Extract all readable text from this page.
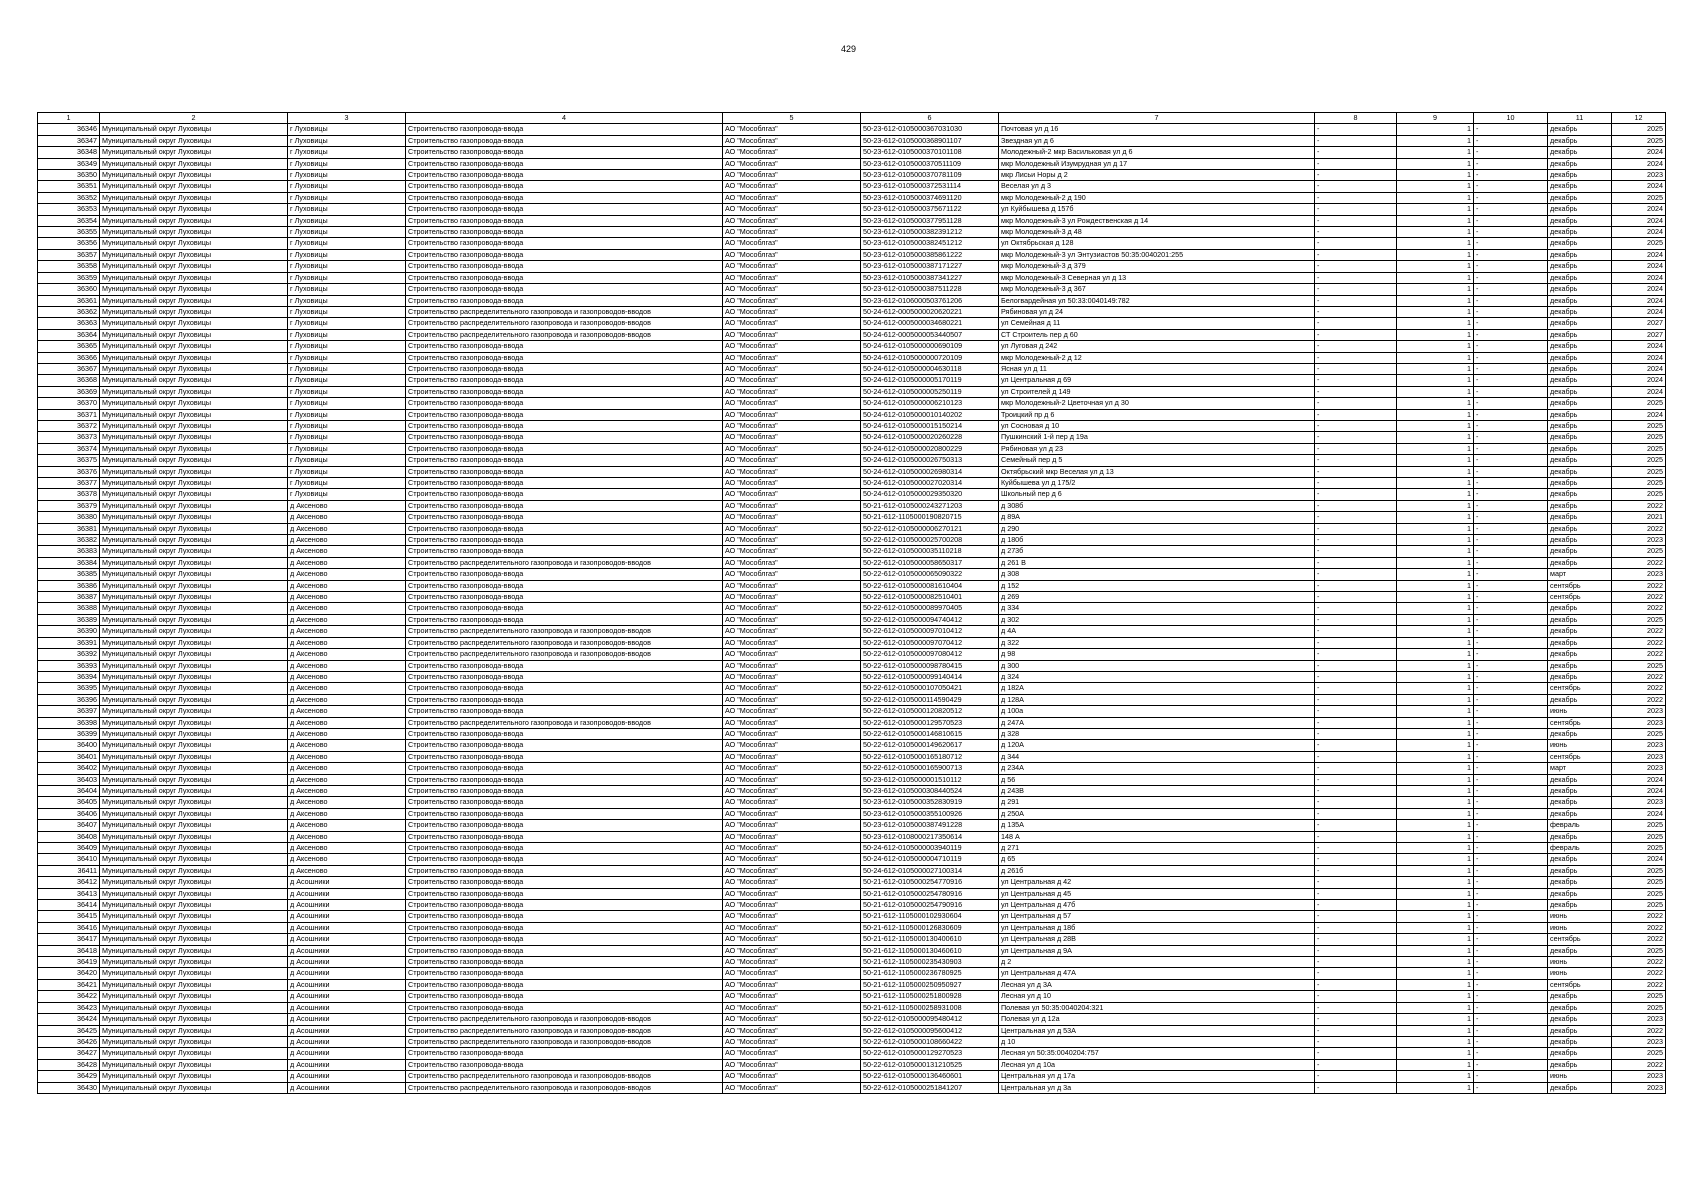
429
1	2	3	4	5	6	7	8	9	10	11	12
36346	Муниципальный округ Луховицы	г Луховицы	Строительство газопровода-ввода	АО "Мособлгаз"	50-23-612-0105000367031030	Почтовая ул д 16	-	1	-	декабрь	2025
36347	Муниципальный округ Луховицы	г Луховицы	Строительство газопровода-ввода	АО "Мособлгаз"	50-23-612-0105000368901107	Звездная ул д 6	-	1	-	декабрь	2025
36348	Муниципальный округ Луховицы	г Луховицы	Строительство газопровода-ввода	АО "Мособлгаз"	50-23-612-0105000370101108	Молодежный-2 мкр Васильковая ул д 6	-	1	-	декабрь	2024
36349	Муниципальный округ Луховицы	г Луховицы	Строительство газопровода-ввода	АО "Мособлгаз"	50-23-612-0105000370511109	мкр Молодежный Изумрудная ул д 17	-	1	-	декабрь	2024
36350	Муниципальный округ Луховицы	г Луховицы	Строительство газопровода-ввода	АО "Мособлгаз"	50-23-612-0105000370781109	мкр Лисьи Норы д 2	-	1	-	декабрь	2023
36351	Муниципальный округ Луховицы	г Луховицы	Строительство газопровода-ввода	АО "Мособлгаз"	50-23-612-0105000372531114	Веселая ул д 3	-	1	-	декабрь	2024
36352	Муниципальный округ Луховицы	г Луховицы	Строительство газопровода-ввода	АО "Мособлгаз"	50-23-612-0105000374691120	мкр Молодежный-2 д 190	-	1	-	декабрь	2025
36353	Муниципальный округ Луховицы	г Луховицы	Строительство газопровода-ввода	АО "Мособлгаз"	50-23-612-0105000375671122	ул Куйбышева д 157б	-	1	-	декабрь	2024
36354	Муниципальный округ Луховицы	г Луховицы	Строительство газопровода-ввода	АО "Мособлгаз"	50-23-612-0105000377951128	мкр Молодежный-3 ул Рождественская д 14	-	1	-	декабрь	2024
36355	Муниципальный округ Луховицы	г Луховицы	Строительство газопровода-ввода	АО "Мособлгаз"	50-23-612-0105000382391212	мкр Молодежный-3 д 48	-	1	-	декабрь	2024
36356	Муниципальный округ Луховицы	г Луховицы	Строительство газопровода-ввода	АО "Мособлгаз"	50-23-612-0105000382451212	ул Октябрьская д 128	-	1	-	декабрь	2025
36357	Муниципальный округ Луховицы	г Луховицы	Строительство газопровода-ввода	АО "Мособлгаз"	50-23-612-0105000385861222	мкр Молодежный-3 ул Энтузиастов 50:35:0040201:255	-	1	-	декабрь	2024
36358	Муниципальный округ Луховицы	г Луховицы	Строительство газопровода-ввода	АО "Мособлгаз"	50-23-612-0105000387171227	мкр Молодежный-3 д 379	-	1	-	декабрь	2024
36359	Муниципальный округ Луховицы	г Луховицы	Строительство газопровода-ввода	АО "Мособлгаз"	50-23-612-0105000387341227	мкр Молодежный-3 Северная ул д 13	-	1	-	декабрь	2024
36360	Муниципальный округ Луховицы	г Луховицы	Строительство газопровода-ввода	АО "Мособлгаз"	50-23-612-0105000387511228	мкр Молодежный-3 д 367	-	1	-	декабрь	2024
36361	Муниципальный округ Луховицы	г Луховицы	Строительство газопровода-ввода	АО "Мособлгаз"	50-23-612-0106000503761206	Белогвардейная ул 50:33:0040149:782	-	1	-	декабрь	2024
36362	Муниципальный округ Луховицы	г Луховицы	Строительство распределительного газопровода и газопроводов-вводов	АО "Мособлгаз"	50-24-612-0005000020620221	Рябиновая ул д 24	-	1	-	декабрь	2024
36363	Муниципальный округ Луховицы	г Луховицы	Строительство распределительного газопровода и газопроводов-вводов	АО "Мособлгаз"	50-24-612-0005000034680221	ул Семейная д 11	-	1	-	декабрь	2027
36364	Муниципальный округ Луховицы	г Луховицы	Строительство распределительного газопровода и газопроводов-вводов	АО "Мособлгаз"	50-24-612-0005000053440507	СТ Строитель пер д 60	-	1	-	декабрь	2027
36365	Муниципальный округ Луховицы	г Луховицы	Строительство газопровода-ввода	АО "Мособлгаз"	50-24-612-0105000000690109	ул Луговая д 242	-	1	-	декабрь	2024
36366	Муниципальный округ Луховицы	г Луховицы	Строительство газопровода-ввода	АО "Мособлгаз"	50-24-612-0105000000720109	мкр Молодежный-2 д 12	-	1	-	декабрь	2024
36367	Муниципальный округ Луховицы	г Луховицы	Строительство газопровода-ввода	АО "Мособлгаз"	50-24-612-0105000004630118	Ясная ул д 11	-	1	-	декабрь	2024
36368	Муниципальный округ Луховицы	г Луховицы	Строительство газопровода-ввода	АО "Мособлгаз"	50-24-612-0105000005170119	ул Центральная д 69	-	1	-	декабрь	2024
36369	Муниципальный округ Луховицы	г Луховицы	Строительство газопровода-ввода	АО "Мособлгаз"	50-24-612-0105000005250119	ул Строителей д 149	-	1	-	декабрь	2024
36370	Муниципальный округ Луховицы	г Луховицы	Строительство газопровода-ввода	АО "Мособлгаз"	50-24-612-0105000006210123	мкр Молодежный-2 Цветочная ул д 30	-	1	-	декабрь	2025
36371	Муниципальный округ Луховицы	г Луховицы	Строительство газопровода-ввода	АО "Мособлгаз"	50-24-612-0105000010140202	Троицкий пр д 6	-	1	-	декабрь	2024
36372	Муниципальный округ Луховицы	г Луховицы	Строительство газопровода-ввода	АО "Мособлгаз"	50-24-612-0105000015150214	ул Сосновая д 10	-	1	-	декабрь	2025
36373	Муниципальный округ Луховицы	г Луховицы	Строительство газопровода-ввода	АО "Мособлгаз"	50-24-612-0105000020260228	Пушкинский 1-й пер д 19а	-	1	-	декабрь	2025
36374	Муниципальный округ Луховицы	г Луховицы	Строительство газопровода-ввода	АО "Мособлгаз"	50-24-612-0105000020800229	Рябиновая ул д 23	-	1	-	декабрь	2025
36375	Муниципальный округ Луховицы	г Луховицы	Строительство газопровода-ввода	АО "Мособлгаз"	50-24-612-0105000026750313	Семейный пер д 5	-	1	-	декабрь	2025
36376	Муниципальный округ Луховицы	г Луховицы	Строительство газопровода-ввода	АО "Мособлгаз"	50-24-612-0105000026980314	Октябрьский мкр Веселая ул д 13	-	1	-	декабрь	2025
36377	Муниципальный округ Луховицы	г Луховицы	Строительство газопровода-ввода	АО "Мособлгаз"	50-24-612-0105000027020314	Куйбышева ул д 175/2	-	1	-	декабрь	2025
36378	Муниципальный округ Луховицы	г Луховицы	Строительство газопровода-ввода	АО "Мособлгаз"	50-24-612-0105000029350320	Школьный пер д 6	-	1	-	декабрь	2025
36379	Муниципальный округ Луховицы	д Аксеново	Строительство газопровода-ввода	АО "Мособлгаз"	50-21-612-0105000243271203	д 308б	-	1	-	декабрь	2022
36380	Муниципальный округ Луховицы	д Аксеново	Строительство газопровода-ввода	АО "Мособлгаз"	50-21-612-1105000190820715	д 89А	-	1	-	декабрь	2021
36381	Муниципальный округ Луховицы	д Аксеново	Строительство газопровода-ввода	АО "Мособлгаз"	50-22-612-0105000006270121	д 290	-	1	-	декабрь	2022
36382	Муниципальный округ Луховицы	д Аксеново	Строительство газопровода-ввода	АО "Мособлгаз"	50-22-612-0105000025700208	д 180б	-	1	-	декабрь	2023
36383	Муниципальный округ Луховицы	д Аксеново	Строительство газопровода-ввода	АО "Мособлгаз"	50-22-612-0105000035110218	д 273б	-	1	-	декабрь	2025
36384	Муниципальный округ Луховицы	д Аксеново	Строительство распределительного газопровода и газопроводов-вводов	АО "Мособлгаз"	50-22-612-0105000058650317	д 261 В	-	1	-	декабрь	2022
36385	Муниципальный округ Луховицы	д Аксеново	Строительство газопровода-ввода	АО "Мособлгаз"	50-22-612-0105000065090322	д 308	-	1	-	март	2023
36386	Муниципальный округ Луховицы	д Аксеново	Строительство газопровода-ввода	АО "Мособлгаз"	50-22-612-0105000081610404	д 152	-	1	-	сентябрь	2022
36387	Муниципальный округ Луховицы	д Аксеново	Строительство газопровода-ввода	АО "Мособлгаз"	50-22-612-0105000082510401	д 269	-	1	-	сентябрь	2022
36388	Муниципальный округ Луховицы	д Аксеново	Строительство газопровода-ввода	АО "Мособлгаз"	50-22-612-0105000089970405	д 334	-	1	-	декабрь	2022
36389	Муниципальный округ Луховицы	д Аксеново	Строительство газопровода-ввода	АО "Мособлгаз"	50-22-612-0105000094740412	д 302	-	1	-	декабрь	2025
36390	Муниципальный округ Луховицы	д Аксеново	Строительство распределительного газопровода и газопроводов-вводов	АО "Мособлгаз"	50-22-612-0105000097010412	д 4А	-	1	-	декабрь	2022
36391	Муниципальный округ Луховицы	д Аксеново	Строительство распределительного газопровода и газопроводов-вводов	АО "Мособлгаз"	50-22-612-0105000097070412	д 322	-	1	-	декабрь	2022
36392	Муниципальный округ Луховицы	д Аксеново	Строительство распределительного газопровода и газопроводов-вводов	АО "Мособлгаз"	50-22-612-0105000097080412	д 98	-	1	-	декабрь	2022
36393	Муниципальный округ Луховицы	д Аксеново	Строительство газопровода-ввода	АО "Мособлгаз"	50-22-612-0105000098780415	д 300	-	1	-	декабрь	2025
36394	Муниципальный округ Луховицы	д Аксеново	Строительство газопровода-ввода	АО "Мособлгаз"	50-22-612-0105000099140414	д 324	-	1	-	декабрь	2022
36395	Муниципальный округ Луховицы	д Аксеново	Строительство газопровода-ввода	АО "Мособлгаз"	50-22-612-0105000107050421	д 182А	-	1	-	сентябрь	2022
36396	Муниципальный округ Луховицы	д Аксеново	Строительство газопровода-ввода	АО "Мособлгаз"	50-22-612-0105000114590429	д 128А	-	1	-	декабрь	2022
36397	Муниципальный округ Луховицы	д Аксеново	Строительство газопровода-ввода	АО "Мособлгаз"	50-22-612-0105000120820512	д 100а	-	1	-	июнь	2023
36398	Муниципальный округ Луховицы	д Аксеново	Строительство распределительного газопровода и газопроводов-вводов	АО "Мособлгаз"	50-22-612-0105000129570523	д 247А	-	1	-	сентябрь	2023
36399	Муниципальный округ Луховицы	д Аксеново	Строительство газопровода-ввода	АО "Мособлгаз"	50-22-612-0105000146810615	д 328	-	1	-	декабрь	2025
36400	Муниципальный округ Луховицы	д Аксеново	Строительство газопровода-ввода	АО "Мособлгаз"	50-22-612-0105000149620617	д 120А	-	1	-	июнь	2023
36401	Муниципальный округ Луховицы	д Аксеново	Строительство газопровода-ввода	АО "Мособлгаз"	50-22-612-0105000165180712	д 344	-	1	-	сентябрь	2023
36402	Муниципальный округ Луховицы	д Аксеново	Строительство газопровода-ввода	АО "Мособлгаз"	50-22-612-0105000165900713	д 234А	-	1	-	март	2023
36403	Муниципальный округ Луховицы	д Аксеново	Строительство газопровода-ввода	АО "Мособлгаз"	50-23-612-0105000001510112	д 56	-	1	-	декабрь	2024
36404	Муниципальный округ Луховицы	д Аксеново	Строительство газопровода-ввода	АО "Мособлгаз"	50-23-612-0105000308440524	д 243В	-	1	-	декабрь	2024
36405	Муниципальный округ Луховицы	д Аксеново	Строительство газопровода-ввода	АО "Мособлгаз"	50-23-612-0105000352830919	д 291	-	1	-	декабрь	2023
36406	Муниципальный округ Луховицы	д Аксеново	Строительство газопровода-ввода	АО "Мособлгаз"	50-23-612-0105000355100926	д 250А	-	1	-	декабрь	2024
36407	Муниципальный округ Луховицы	д Аксеново	Строительство газопровода-ввода	АО "Мособлгаз"	50-23-612-0105000387491228	д 135А	-	1	-	февраль	2025
36408	Муниципальный округ Луховицы	д Аксеново	Строительство газопровода-ввода	АО "Мособлгаз"	50-23-612-0108000217350614	148 А	-	1	-	декабрь	2025
36409	Муниципальный округ Луховицы	д Аксеново	Строительство газопровода-ввода	АО "Мособлгаз"	50-24-612-0105000003940119	д 271	-	1	-	февраль	2025
36410	Муниципальный округ Луховицы	д Аксеново	Строительство газопровода-ввода	АО "Мособлгаз"	50-24-612-0105000004710119	д 65	-	1	-	декабрь	2024
36411	Муниципальный округ Луховицы	д Аксеново	Строительство газопровода-ввода	АО "Мособлгаз"	50-24-612-0105000027100314	д 261б	-	1	-	декабрь	2025
36412	Муниципальный округ Луховицы	д Асошники	Строительство газопровода-ввода	АО "Мособлгаз"	50-21-612-0105000254770916	ул Центральная д 42	-	1	-	декабрь	2025
36413	Муниципальный округ Луховицы	д Асошники	Строительство газопровода-ввода	АО "Мособлгаз"	50-21-612-0105000254780916	ул Центральная д 45	-	1	-	декабрь	2025
36414	Муниципальный округ Луховицы	д Асошники	Строительство газопровода-ввода	АО "Мособлгаз"	50-21-612-0105000254790916	ул Центральная д 47б	-	1	-	декабрь	2025
36415	Муниципальный округ Луховицы	д Асошники	Строительство газопровода-ввода	АО "Мособлгаз"	50-21-612-1105000102930604	ул Центральная д 57	-	1	-	июнь	2022
36416	Муниципальный округ Луховицы	д Асошники	Строительство газопровода-ввода	АО "Мособлгаз"	50-21-612-1105000126830609	ул Центральная д 18б	-	1	-	июнь	2022
36417	Муниципальный округ Луховицы	д Асошники	Строительство газопровода-ввода	АО "Мособлгаз"	50-21-612-1105000130400610	ул Центральная д 28В	-	1	-	сентябрь	2022
36418	Муниципальный округ Луховицы	д Асошники	Строительство газопровода-ввода	АО "Мособлгаз"	50-21-612-1105000130460610	ул Центральная д 9А	-	1	-	декабрь	2025
36419	Муниципальный округ Луховицы	д Асошники	Строительство газопровода-ввода	АО "Мособлгаз"	50-21-612-1105000235430903	д 2	-	1	-	июнь	2022
36420	Муниципальный округ Луховицы	д Асошники	Строительство газопровода-ввода	АО "Мособлгаз"	50-21-612-1105000236780925	ул Центральная д 47А	-	1	-	июнь	2022
36421	Муниципальный округ Луховицы	д Асошники	Строительство газопровода-ввода	АО "Мособлгаз"	50-21-612-1105000250950927	Лесная ул д 3А	-	1	-	сентябрь	2022
36422	Муниципальный округ Луховицы	д Асошники	Строительство газопровода-ввода	АО "Мособлгаз"	50-21-612-1105000251800928	Лесная ул д 10	-	1	-	декабрь	2025
36423	Муниципальный округ Луховицы	д Асошники	Строительство газопровода-ввода	АО "Мособлгаз"	50-21-612-1105000258931008	Полевая ул 50:35:0040204:321	-	1	-	декабрь	2025
36424	Муниципальный округ Луховицы	д Асошники	Строительство распределительного газопровода и газопроводов-вводов	АО "Мособлгаз"	50-22-612-0105000095480412	Полевая ул д 12а	-	1	-	декабрь	2023
36425	Муниципальный округ Луховицы	д Асошники	Строительство распределительного газопровода и газопроводов-вводов	АО "Мособлгаз"	50-22-612-0105000095600412	Центральная ул д 53А	-	1	-	декабрь	2022
36426	Муниципальный округ Луховицы	д Асошники	Строительство распределительного газопровода и газопроводов-вводов	АО "Мособлгаз"	50-22-612-0105000108660422	д 10	-	1	-	декабрь	2023
36427	Муниципальный округ Луховицы	д Асошники	Строительство газопровода-ввода	АО "Мособлгаз"	50-22-612-0105000129270523	Лесная ул 50:35:0040204:757	-	1	-	декабрь	2025
36428	Муниципальный округ Луховицы	д Асошники	Строительство газопровода-ввода	АО "Мособлгаз"	50-22-612-0105000131210525	Лесная ул д 10а	-	1	-	декабрь	2022
36429	Муниципальный округ Луховицы	д Асошники	Строительство распределительного газопровода и газопроводов-вводов	АО "Мособлгаз"	50-22-612-0105000136460601	Центральная ул д 17а	-	1	-	июнь	2023
36430	Муниципальный округ Луховицы	д Асошники	Строительство распределительного газопровода и газопроводов-вводов	АО "Мособлгаз"	50-22-612-0105000251841207	Центральная ул д 3а	-	1	-	декабрь	2023
